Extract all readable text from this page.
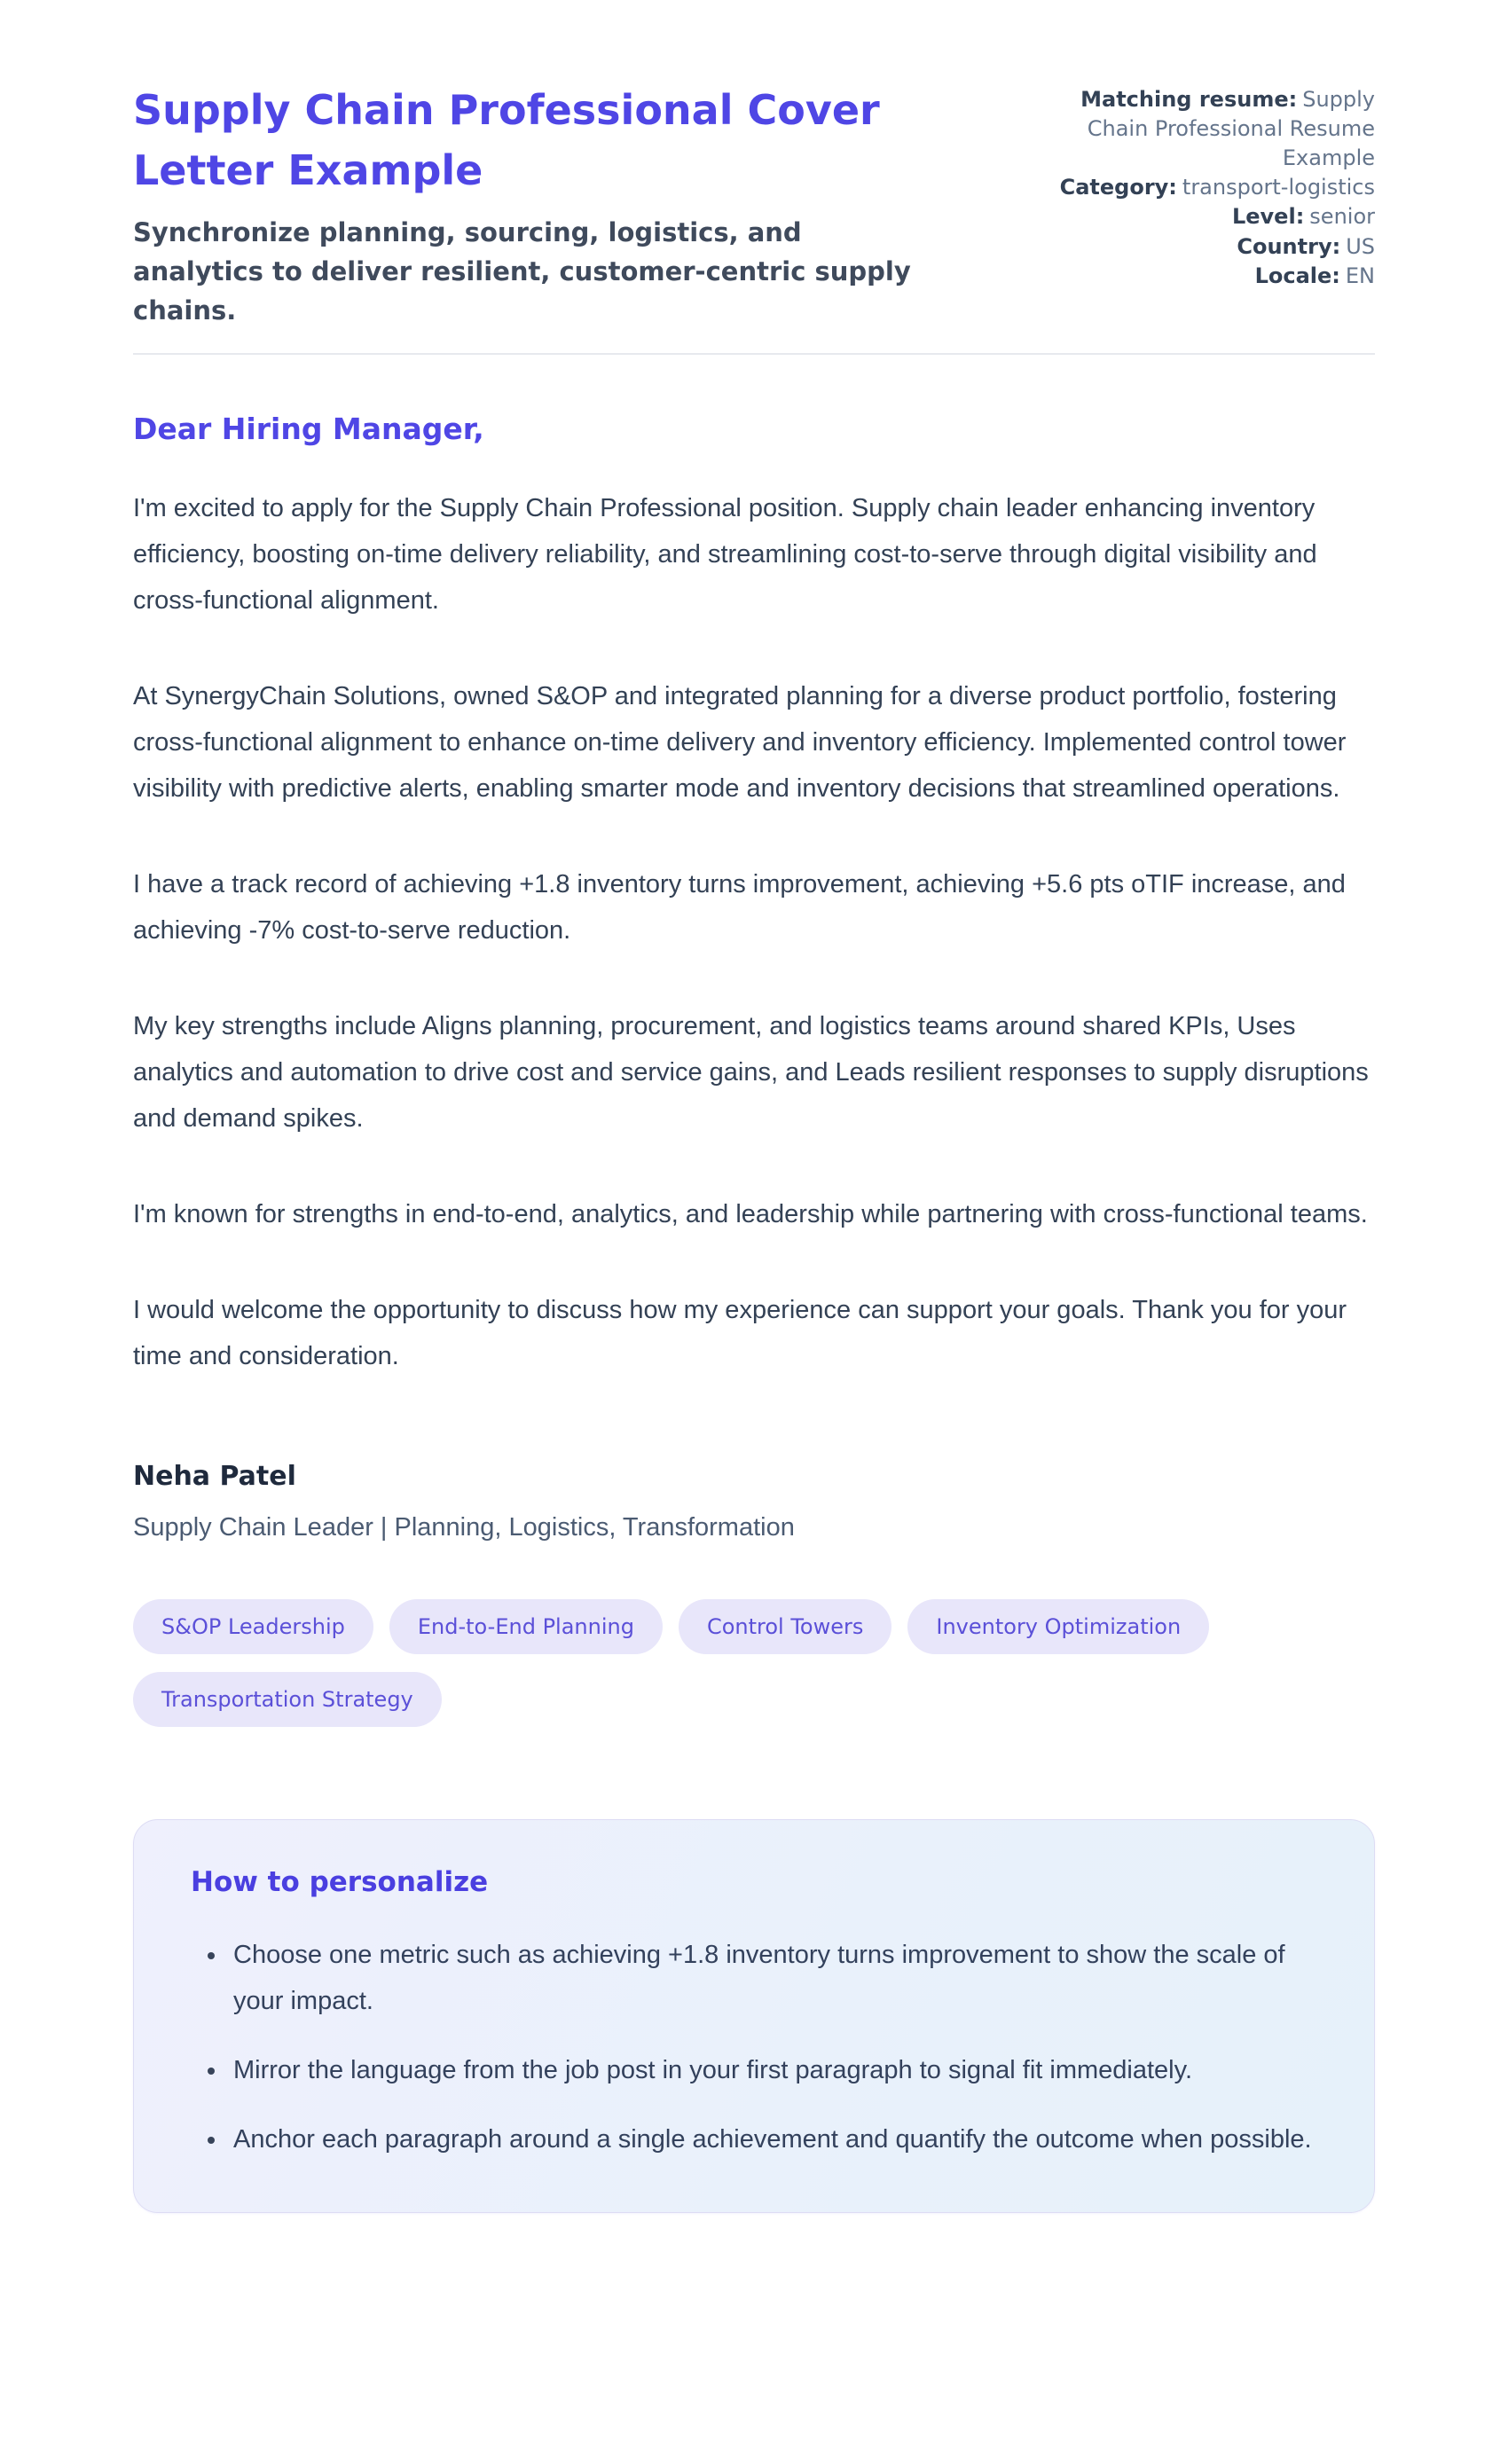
Supply Chain Professional Cover Letter Example
Synchronize planning, sourcing, logistics, and analytics to deliver resilient, customer-centric supply chains.
Matching resume: Supply Chain Professional Resume Example
Category: transport-logistics
Level: senior
Country: US
Locale: EN
Dear Hiring Manager,

I'm excited to apply for the Supply Chain Professional position. Supply chain leader enhancing inventory efficiency, boosting on-time delivery reliability, and streamlining cost-to-serve through digital visibility and cross-functional alignment.

At SynergyChain Solutions, owned S&OP and integrated planning for a diverse product portfolio, fostering cross-functional alignment to enhance on-time delivery and inventory efficiency. Implemented control tower visibility with predictive alerts, enabling smarter mode and inventory decisions that streamlined operations.

I have a track record of achieving +1.8 inventory turns improvement, achieving +5.6 pts oTIF increase, and achieving -7% cost-to-serve reduction.

My key strengths include Aligns planning, procurement, and logistics teams around shared KPIs, Uses analytics and automation to drive cost and service gains, and Leads resilient responses to supply disruptions and demand spikes.

I'm known for strengths in end-to-end, analytics, and leadership while partnering with cross-functional teams.

I would welcome the opportunity to discuss how my experience can support your goals. Thank you for your time and consideration.

Neha Patel
Supply Chain Leader | Planning, Logistics, Transformation
S&OP Leadership	End-to-End Planning	Control Towers	Inventory Optimization
Transportation Strategy
How to personalize
• Choose one metric such as achieving +1.8 inventory turns improvement to show the scale of your impact.
• Mirror the language from the job post in your first paragraph to signal fit immediately.
• Anchor each paragraph around a single achievement and quantify the outcome when possible.
